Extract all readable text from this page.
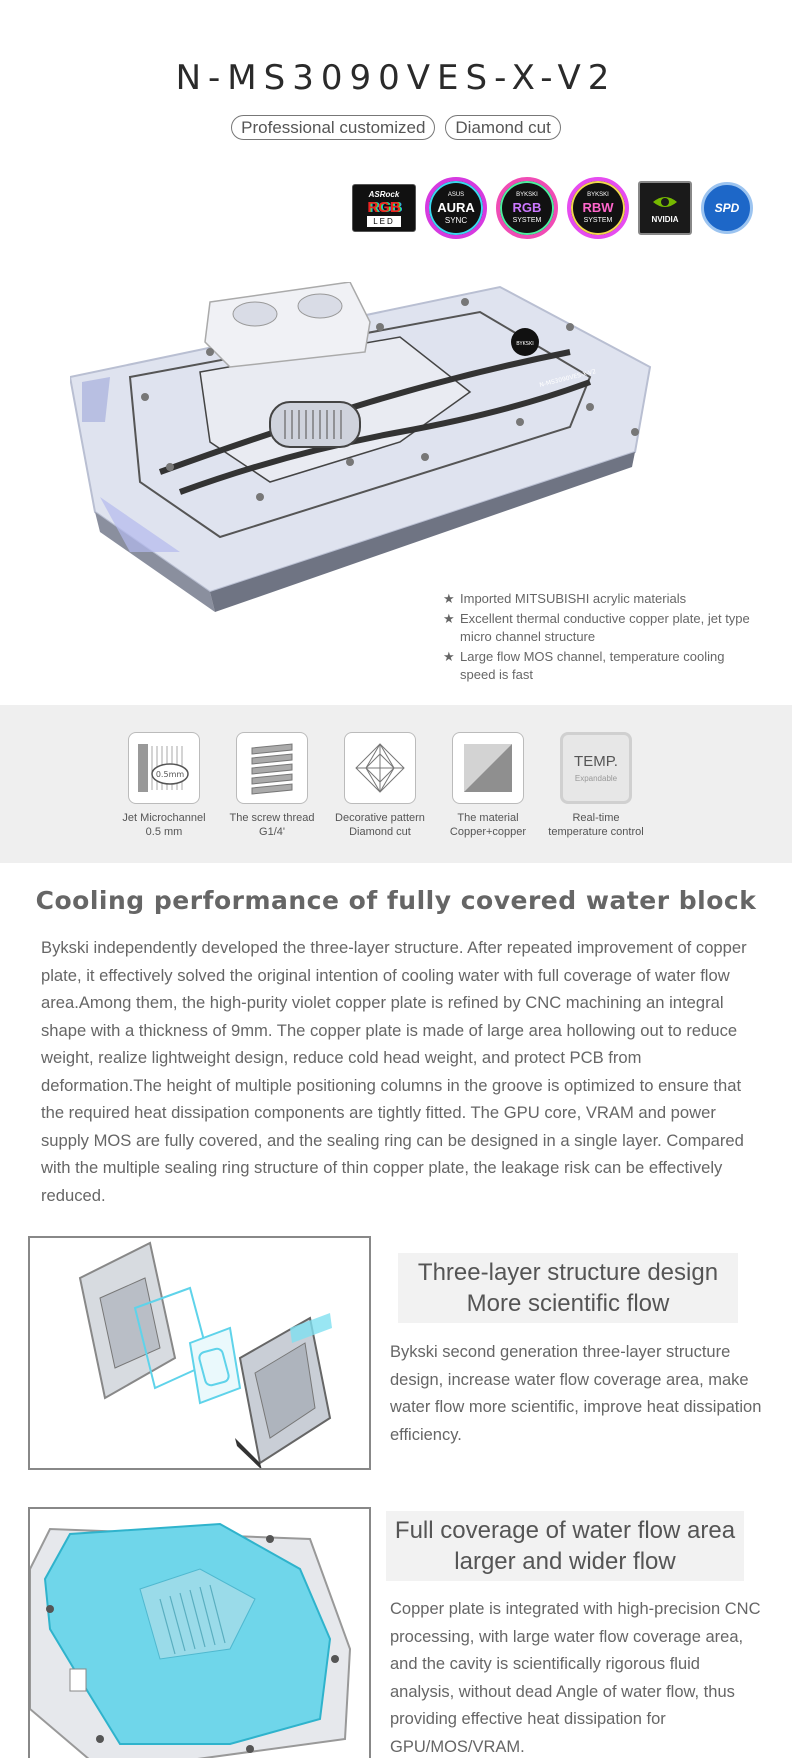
N-MS3090VES-X-V2
Professional customized	Diamond cut
ASRock
RGB
LED
ASUS
AURA
SYNC
BYKSKI
RGB
SYSTEM
BYKSKI
RBW
SYSTEM	NVIDIA
SPD
BYKSKI
N-MS3090VES-X-V2
★ Imported MITSUBISHI acrylic materials
★ Excellent thermal conductive copper plate, jet type micro channel structure
★ Large flow MOS channel, temperature cooling speed is fast
0.5mm
Jet Microchannel
0.5 mm
The screw thread
G1/4'
Decorative pattern
Diamond cut
The material
Copper+copper
TEMP.
Expandable
Real-time
temperature control
Cooling performance of fully covered water block

Bykski independently developed the three-layer structure. After repeated improvement of copper plate, it effectively solved the original intention of cooling water with full coverage of water flow area.Among them, the high-purity violet copper plate is refined by CNC machining an integral shape with a thickness of 9mm. The copper plate is made of large area hollowing out to reduce weight, realize lightweight design, reduce cold head weight, and protect PCB from deformation.The height of multiple positioning columns in the groove is optimized to ensure that the required heat dissipation components are tightly fitted. The GPU core, VRAM and power supply MOS are fully covered, and the sealing ring can be designed in a single layer. Compared with the multiple sealing ring structure of thin copper plate, the leakage risk can be effectively reduced.

Three-layer structure design
More scientific flow

Bykski second generation three-layer structure design, increase water flow coverage area, make water flow more scientific, improve heat dissipation efficiency.

Full coverage of water flow area
larger and wider flow

Copper plate is integrated with high-precision CNC processing, with large water flow coverage area, and the cavity is scientifically rigorous fluid analysis, without dead Angle of water flow, thus providing effective heat dissipation for GPU/MOS/VRAM.
